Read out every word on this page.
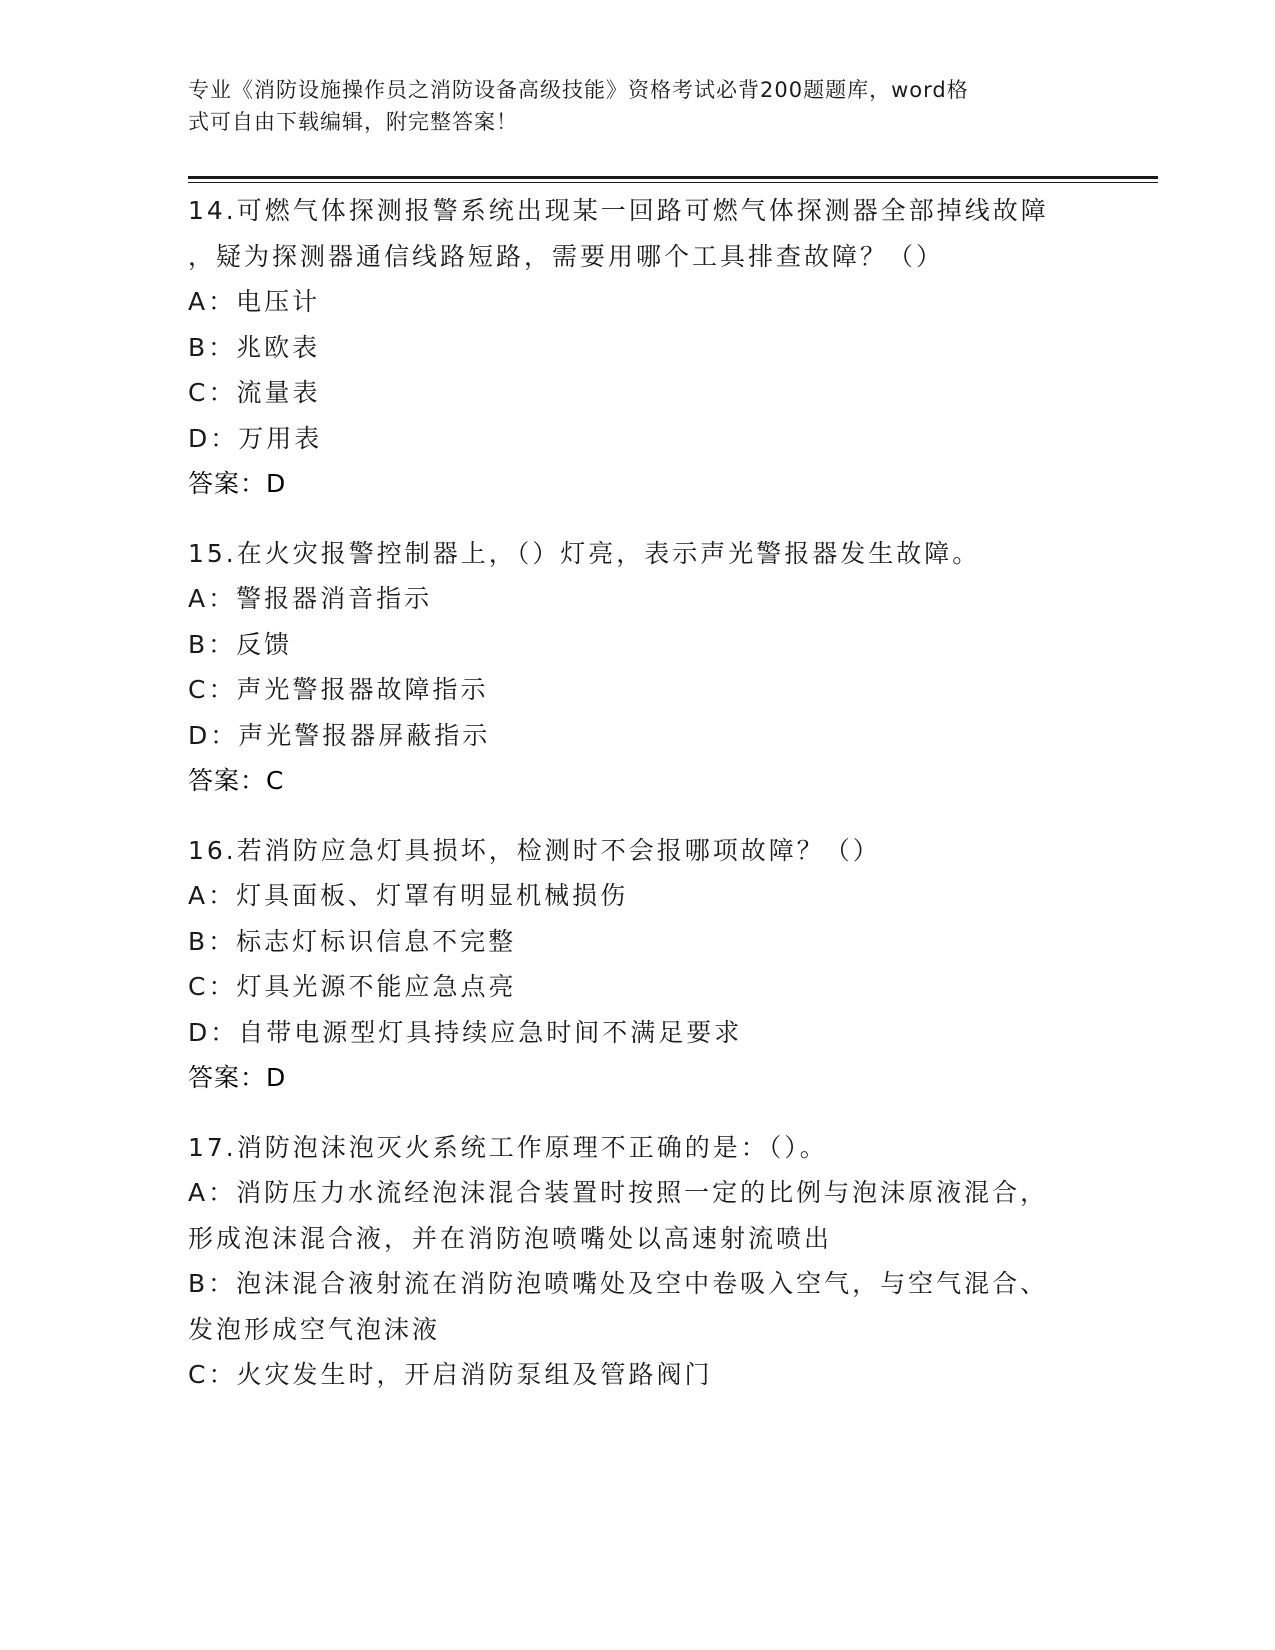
专业《消防设施操作员之消防设备高级技能》资格考试必背200题题库，word格
式可自由下载编辑，附完整答案！
14.可燃气体探测报警系统出现某一回路可燃气体探测器全部掉线故障
，疑为探测器通信线路短路，需要用哪个工具排查故障？（）
A：电压计
B：兆欧表
C：流量表
D：万用表
答案：D
15.在火灾报警控制器上，（）灯亮，表示声光警报器发生故障。
A：警报器消音指示
B：反馈
C：声光警报器故障指示
D：声光警报器屏蔽指示
答案：C
16.若消防应急灯具损坏，检测时不会报哪项故障？（）
A：灯具面板、灯罩有明显机械损伤
B：标志灯标识信息不完整
C：灯具光源不能应急点亮
D：自带电源型灯具持续应急时间不满足要求
答案：D
17.消防泡沫泡灭火系统工作原理不正确的是：（）。
A：消防压力水流经泡沫混合装置时按照一定的比例与泡沫原液混合，
形成泡沫混合液，并在消防泡喷嘴处以高速射流喷出
B：泡沫混合液射流在消防泡喷嘴处及空中卷吸入空气，与空气混合、
发泡形成空气泡沫液
C：火灾发生时，开启消防泵组及管路阀门
